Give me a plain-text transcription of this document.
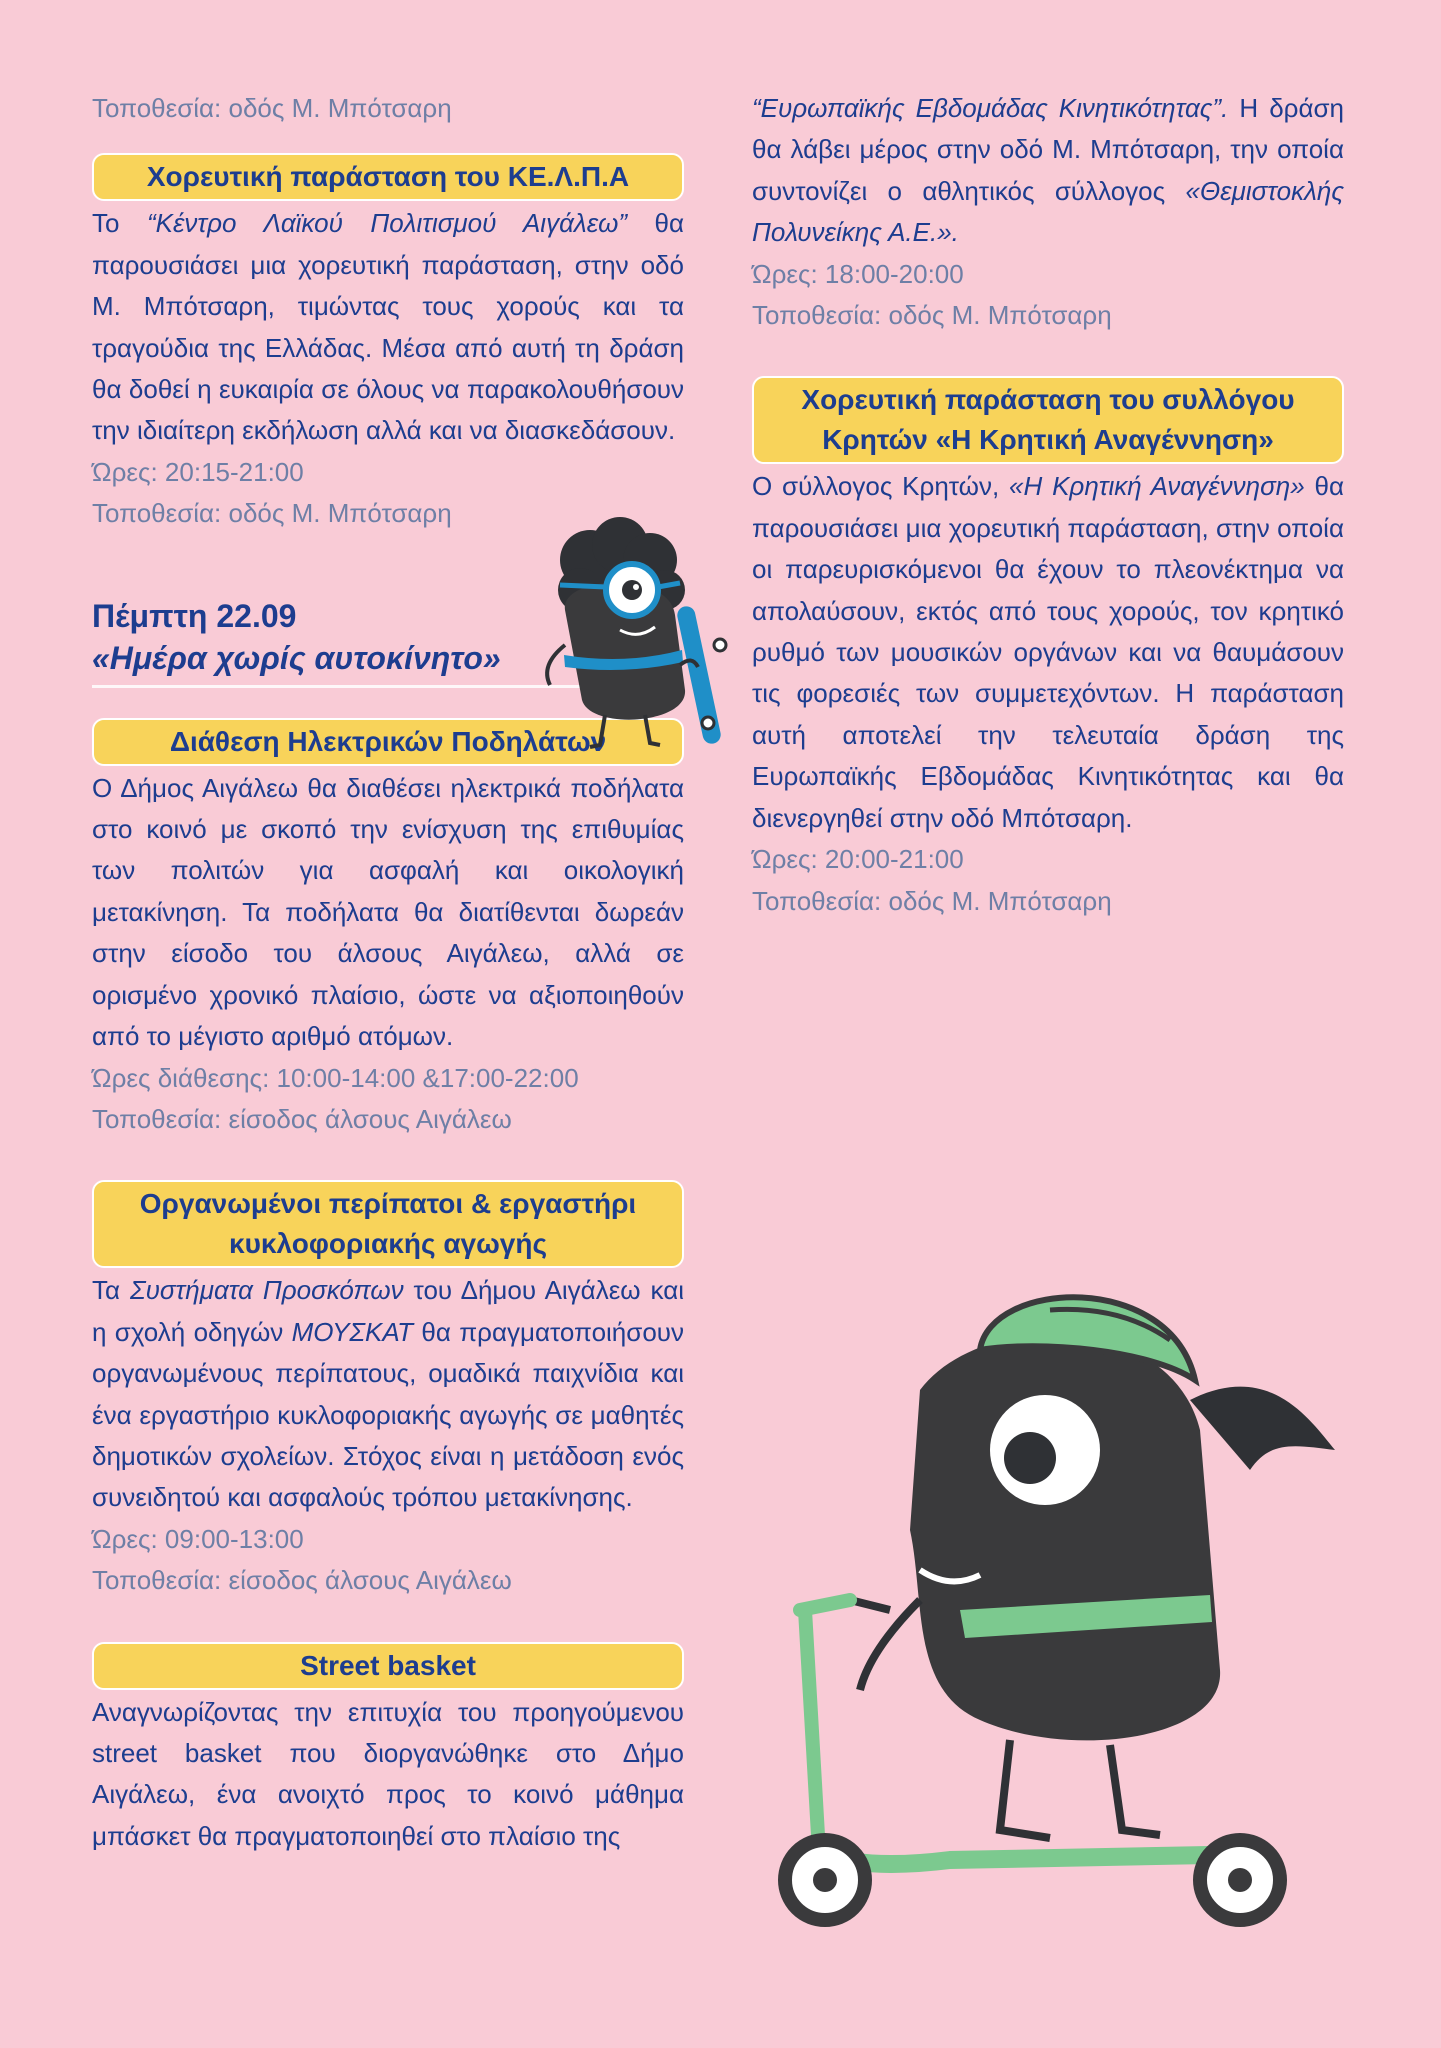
Τοποθεσία: οδός Μ. Μπότσαρη

Χορευτική παράσταση του ΚΕ.Λ.Π.Α

Το “Κέντρο Λαϊκού Πολιτισμού Αιγάλεω” θα παρουσιάσει μια χορευτική παράσταση, στην οδό Μ. Μπότσαρη, τιμώντας τους χορούς και τα τραγούδια της Ελλάδας. Μέσα από αυτή τη δράση θα δοθεί η ευκαιρία σε όλους να παρακολουθήσουν την ιδιαίτερη εκδήλωση αλλά και να διασκεδάσουν.

Ώρες: 20:15-21:00

Τοποθεσία: οδός Μ. Μπότσαρη

Πέμπτη 22.09

«Ημέρα χωρίς αυτοκίνητο»

Διάθεση Ηλεκτρικών Ποδηλάτων

Ο Δήμος Αιγάλεω θα διαθέσει ηλεκτρικά ποδήλατα στο κοινό με σκοπό την ενίσχυση της επιθυμίας των πολιτών για ασφαλή και οικολογική μετακίνηση. Τα ποδήλατα θα διατίθενται δωρεάν στην είσοδο του άλσους Αιγάλεω, αλλά σε ορισμένο χρονικό πλαίσιο, ώστε να αξιοποιηθούν από το μέγιστο αριθμό ατόμων.

Ώρες διάθεσης: 10:00-14:00 &17:00-22:00

Τοποθεσία: είσοδος άλσους Αιγάλεω

Οργανωμένοι περίπατοι & εργαστήρι κυκλοφοριακής αγωγής

Τα Συστήματα Προσκόπων του Δήμου Αιγάλεω και η σχολή οδηγών ΜΟΥΣΚΑΤ θα πραγματοποιήσουν οργανωμένους περίπατους, ομαδικά παιχνίδια και ένα εργαστήριο κυκλοφοριακής αγωγής σε μαθητές δημοτικών σχολείων. Στόχος είναι η μετάδοση ενός συνειδητού και ασφαλούς τρόπου μετακίνησης.

Ώρες: 09:00-13:00

Τοποθεσία: είσοδος άλσους Αιγάλεω

Street basket

Αναγνωρίζοντας την επιτυχία του προηγούμενου street basket που διοργανώθηκε στο Δήμο Αιγάλεω, ένα ανοιχτό προς το κοινό μάθημα μπάσκετ θα πραγματοποιηθεί στο πλαίσιο της

“Ευρωπαϊκής Εβδομάδας Κινητικότητας”. Η δράση θα λάβει μέρος στην οδό Μ. Μπότσαρη, την οποία συντονίζει ο αθλητικός σύλλογος «Θεμιστοκλής Πολυνείκης Α.Ε.».

Ώρες: 18:00-20:00

Τοποθεσία: οδός Μ. Μπότσαρη

Χορευτική παράσταση του συλλόγου Κρητών «Η Κρητική Αναγέννηση»

Ο σύλλογος Κρητών, «Η Κρητική Αναγέννηση» θα παρουσιάσει μια χορευτική παράσταση, στην οποία οι παρευρισκόμενοι θα έχουν το πλεονέκτημα να απολαύσουν, εκτός από τους χορούς, τον κρητικό ρυθμό των μουσικών οργάνων και να θαυμάσουν τις φορεσιές των συμμετεχόντων. Η παράσταση αυτή αποτελεί την τελευταία δράση της Ευρωπαϊκής Εβδομάδας Κινητικότητας και θα διενεργηθεί στην οδό Μπότσαρη.

Ώρες: 20:00-21:00

Τοποθεσία: οδός Μ. Μπότσαρη
